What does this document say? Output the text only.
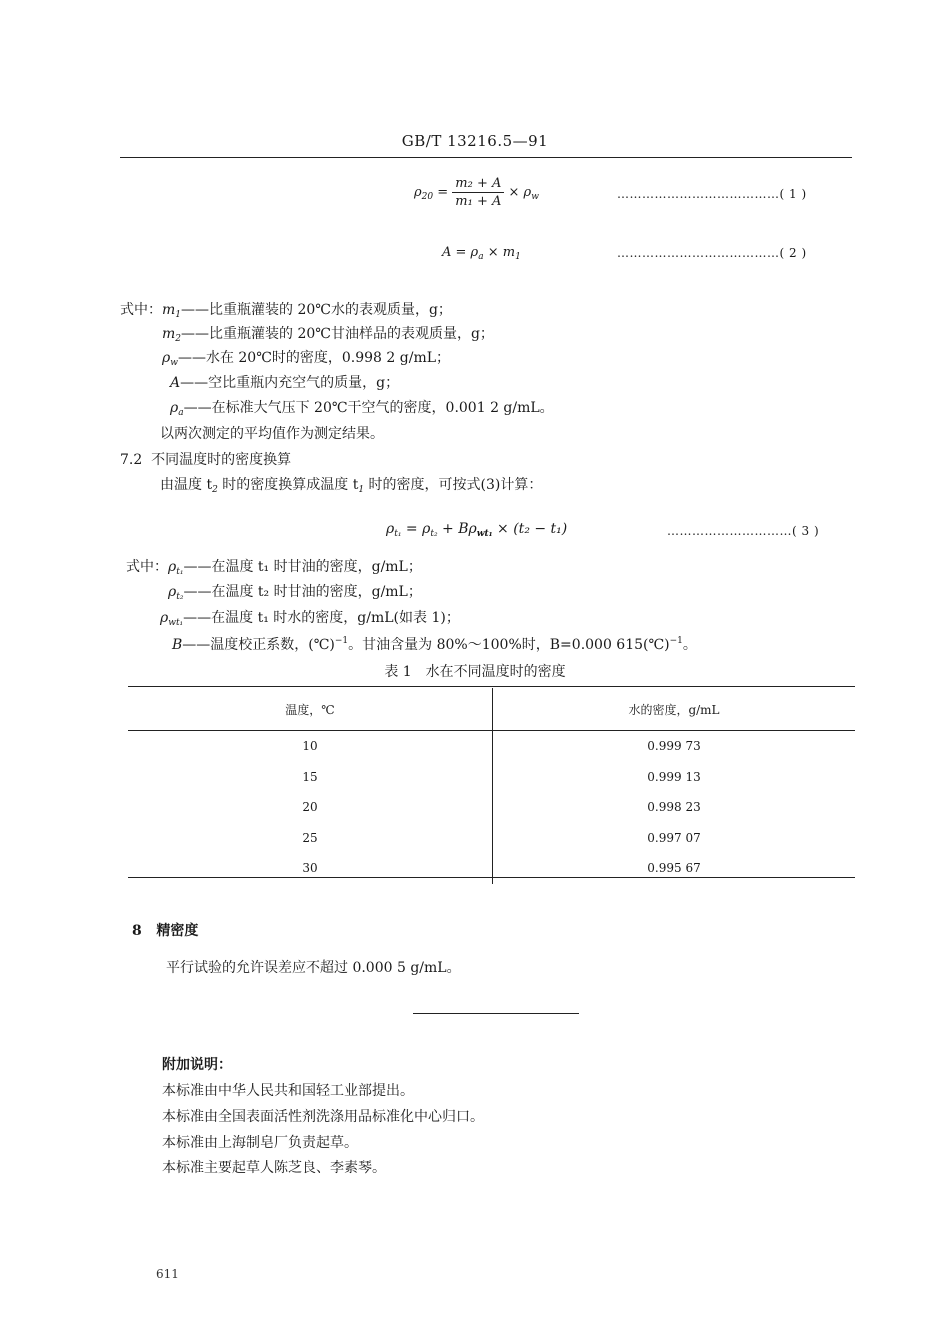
GB/T 13216.5—91
$\rho_{20} = \frac{\text{m₂ + A}}{\text{m₁ + A}} \times \rho_w$	…………………………………( 1 )
$A = \rho_a \times m_1$	…………………………………( 2 )
式中：$m_1——$比重瓶灌装的 20℃水的表观质量，g；
$m_2——$比重瓶灌装的 20℃甘油样品的表观质量，g；
$\rho_w——$水在 20℃时的密度，0.998 2 g/mL；
A——空比重瓶内充空气的质量，g；
$\rho_a——$在标准大气压下 20℃干空气的密度，0.001 2 g/mL。
以两次测定的平均值作为测定结果。
7.2 不同温度时的密度换算
由温度 $t_2$ 时的密度换算成温度 $t_1$ 时的密度，可按式(3)计算：
$\rho_{t_1} = \rho_{t_2} + B\rho_{wt_1} \times (t_2 - t_1)$	…………………………( 3 )
式中：$\rho_{t_1}——$在温度 t₁ 时甘油的密度，g/mL；
$\rho_{t_2}——$在温度 t₂ 时甘油的密度，g/mL；
$\rho_{wt_1}——$在温度 t₁ 时水的密度，g/mL(如表 1)；
B——温度校正系数，(℃)$^{-1}$。甘油含量为 80%～100%时，B=0.000 615(℃)$^{-1}$。
表 1　水在不同温度时的密度
温度，℃	水的密度，g/mL
10	0.999 73
15	0.999 13
20	0.998 23
25	0.997 07
30	0.995 67
8 精密度
平行试验的允许误差应不超过 0.000 5 g/mL。
附加说明：
本标准由中华人民共和国轻工业部提出。
本标准由全国表面活性剂洗涤用品标准化中心归口。
本标准由上海制皂厂负责起草。
本标准主要起草人陈芝良、李素琴。
611
